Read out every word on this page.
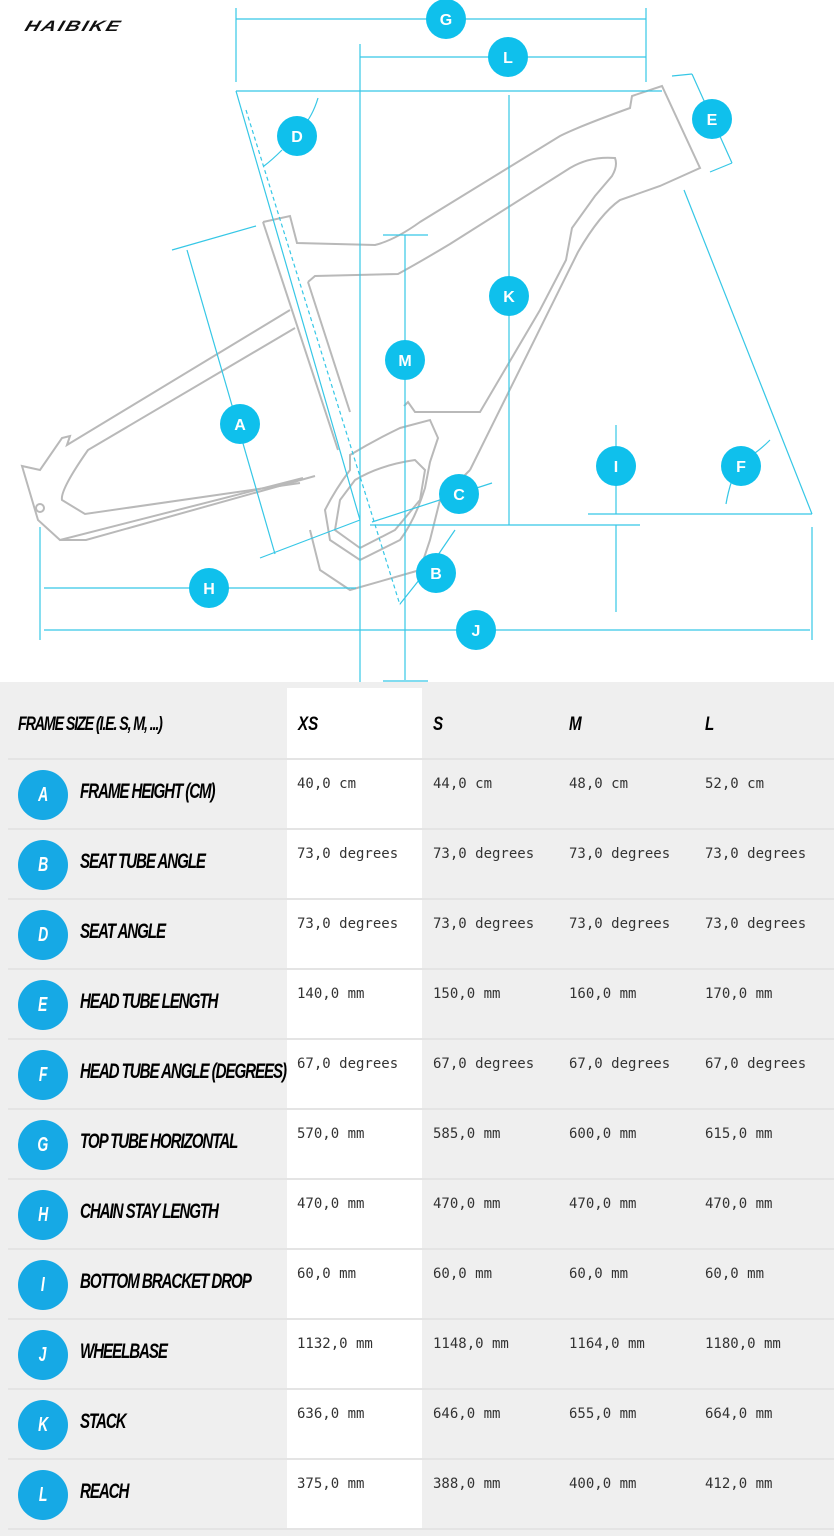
HAIBIKE	G
L
D
E
K
M
A
I	F
C
B
H
J
FRAME SIZE (I.E. S, M, ...)	XS	S	M	L
A FRAME HEIGHT (CM)	40,0 cm	44,0 cm	48,0 cm	52,0 cm
B SEAT TUBE ANGLE	73,0 degrees 73,0 degrees 73,0 degrees 73,0 degrees
D SEAT ANGLE	73,0 degrees 73,0 degrees 73,0 degrees 73,0 degrees
E HEAD TUBE LENGTH	140,0 mm	150,0 mm	160,0 mm	170,0 mm
F HEAD TUBE ANGLE (DEGREES) 67,0 degrees 67,0 degrees 67,0 degrees 67,0 degrees
G TOP TUBE HORIZONTAL	570,0 mm	585,0 mm	600,0 mm	615,0 mm
H CHAIN STAY LENGTH	470,0 mm	470,0 mm	470,0 mm	470,0 mm
I BOTTOM BRACKET DROP	60,0 mm	60,0 mm	60,0 mm	60,0 mm
J WHEELBASE	1132,0 mm	1148,0 mm	1164,0 mm	1180,0 mm
K STACK	636,0 mm	646,0 mm	655,0 mm	664,0 mm
L REACH	375,0 mm	388,0 mm	400,0 mm	412,0 mm
